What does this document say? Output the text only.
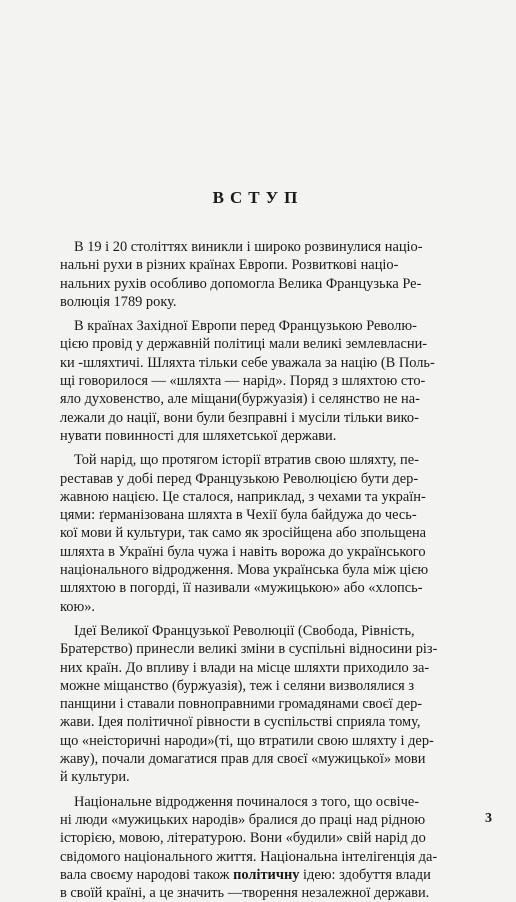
ВСТУП
В 19 і 20 століттях виникли і широко розвинулися націо-
нальні рухи в різних країнах Европи. Розвиткові націо-
нальних рухів особливо допомогла Велика Французька Ре-
волюція 1789 року.
В країнах Західної Европи перед Французькою Револю-
цією провід у державній політиці мали великі землевласни-
ки -шляхтичі. Шляхта тільки себе уважала за націю (В Поль-
щі говорилося — «шляхта — нарід». Поряд з шляхтою сто-
яло духовенство, але міщани(буржуазія) і селянство не на-
лежали до нації, вони були безправні і мусіли тільки вико-
нувати повинності для шляхетської держави.
Той нарід, що протягом історії втратив свою шляхту, пе-
реставав у добі перед Французькою Революцією бути дер-
жавною нацією. Це сталося, наприклад, з чехами та україн-
цями: ґерманізована шляхта в Чехії була байдужа до чесь-
кої мови й культури, так само як зросійщена або зпольщена
шляхта в Україні була чужа і навіть ворожа до українського
національного відродження. Мова українська була між цією
шляхтою в погорді, її називали «мужицькою» або «хлопсь-
кою».
Ідеї Великої Французької Революції (Свобода, Рівність,
Братерство) принесли великі зміни в суспільні відносини різ-
них країн. До впливу і влади на місце шляхти приходило за-
можне міщанство (буржуазія), теж і селяни визволялися з
панщини і ставали повноправними громадянами своєї дер-
жави. Ідея політичної рівности в суспільстві сприяла тому,
що «неісторичні народи»(ті, що втратили свою шляхту і дер-
жаву), почали домагатися прав для своєї «мужицької» мови
й культури.
Національне відродження починалося з того, що освіче-
ні люди «мужицьких народів» бралися до праці над рідною
історією, мовою, літературою. Вони «будили» свій нарід до
свідомого національного життя. Національна інтелігенція да-
вала своєму народові також політичну ідею: здобуття влади
в своїй країні, а це значить —творення незалежної держави.
3
